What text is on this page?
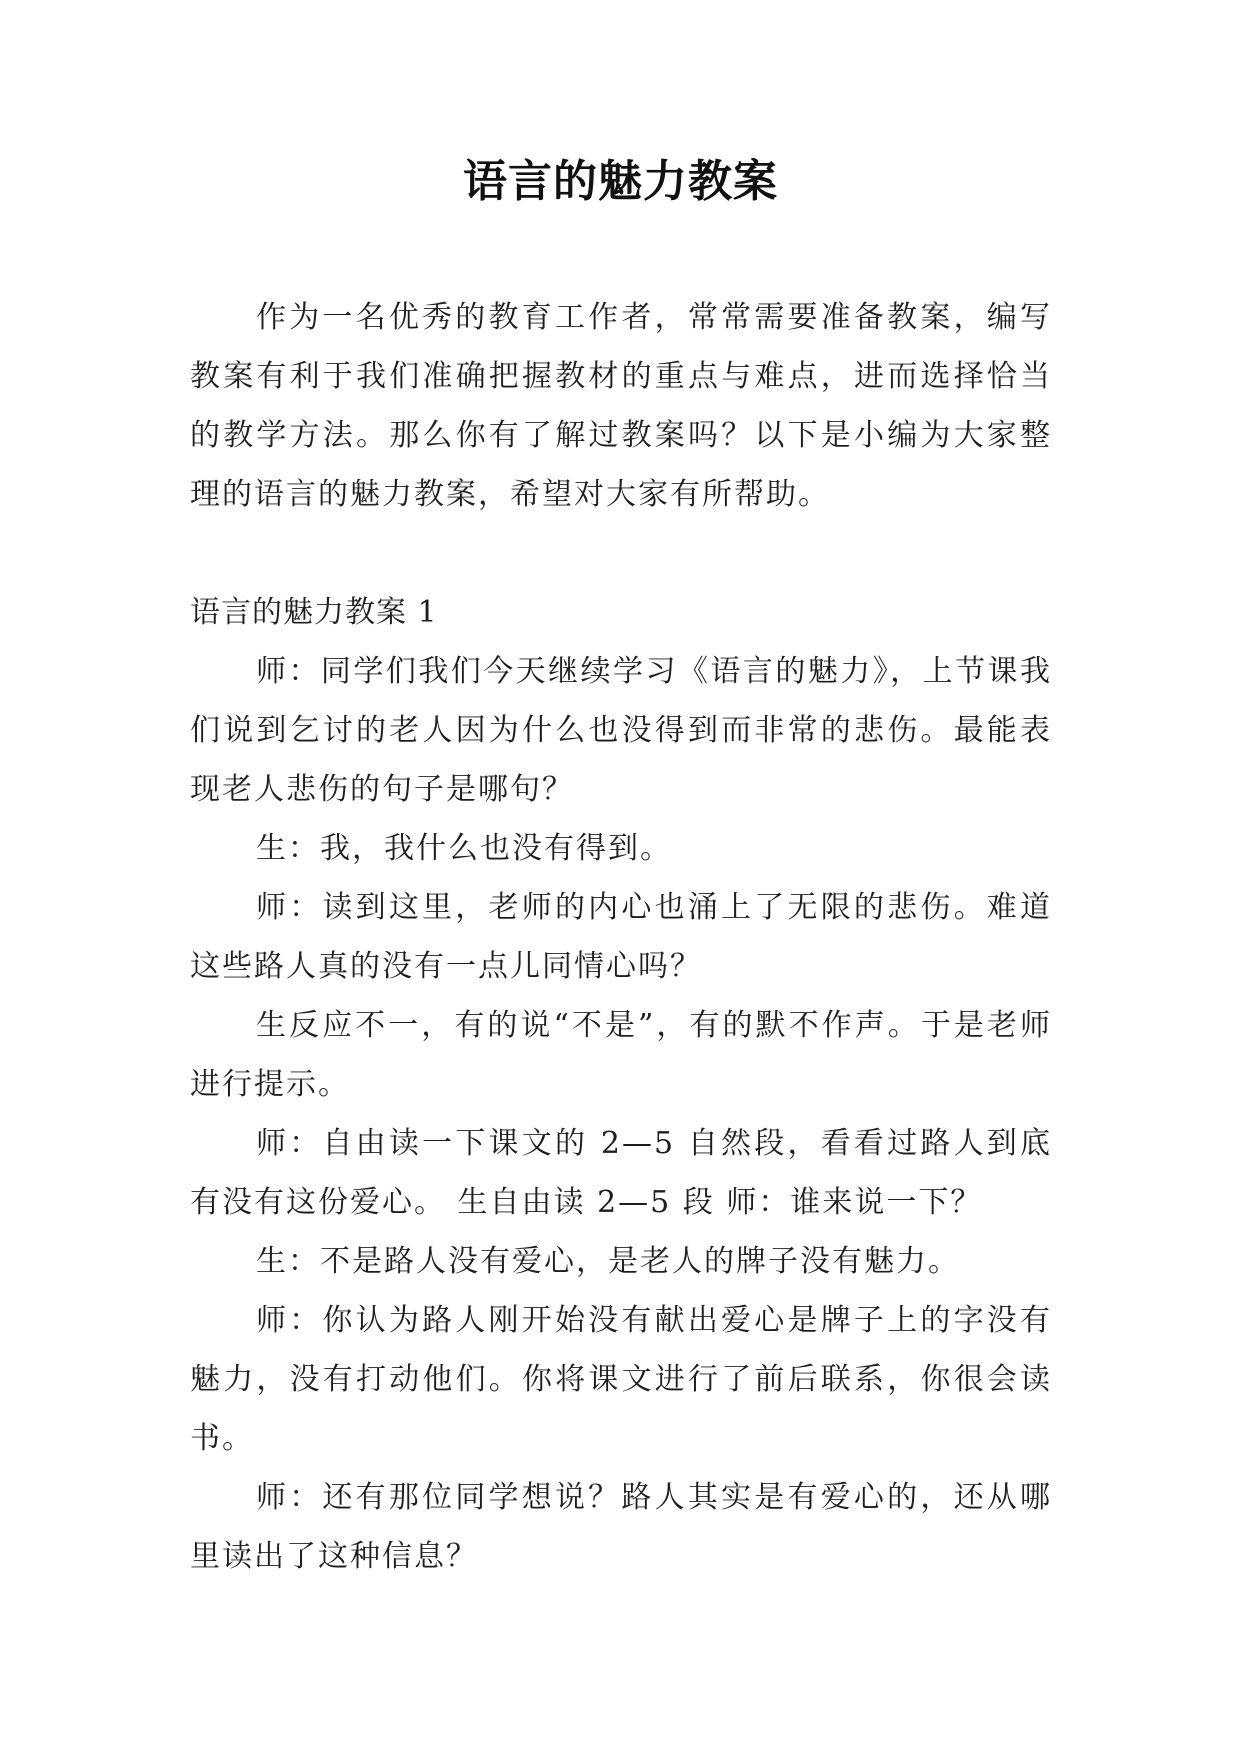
语言的魅力教案

作为一名优秀的教育工作者，常常需要准备教案，编写教案有利于我们准确把握教材的重点与难点，进而选择恰当的教学方法。那么你有了解过教案吗？以下是小编为大家整理的语言的魅力教案，希望对大家有所帮助。

语言的魅力教案 1

师：同学们我们今天继续学习《语言的魅力》，上节课我们说到乞讨的老人因为什么也没得到而非常的悲伤。最能表现老人悲伤的句子是哪句？

生：我，我什么也没有得到。

师：读到这里，老师的内心也涌上了无限的悲伤。难道这些路人真的没有一点儿同情心吗？

生反应不一，有的说“不是”，有的默不作声。于是老师进行提示。

师：自由读一下课文的 2—5 自然段，看看过路人到底有没有这份爱心。 生自由读 2—5 段 师：谁来说一下？

生：不是路人没有爱心，是老人的牌子没有魅力。

师：你认为路人刚开始没有献出爱心是牌子上的字没有魅力，没有打动他们。你将课文进行了前后联系，你很会读书。

师：还有那位同学想说？路人其实是有爱心的，还从哪里读出了这种信息？
